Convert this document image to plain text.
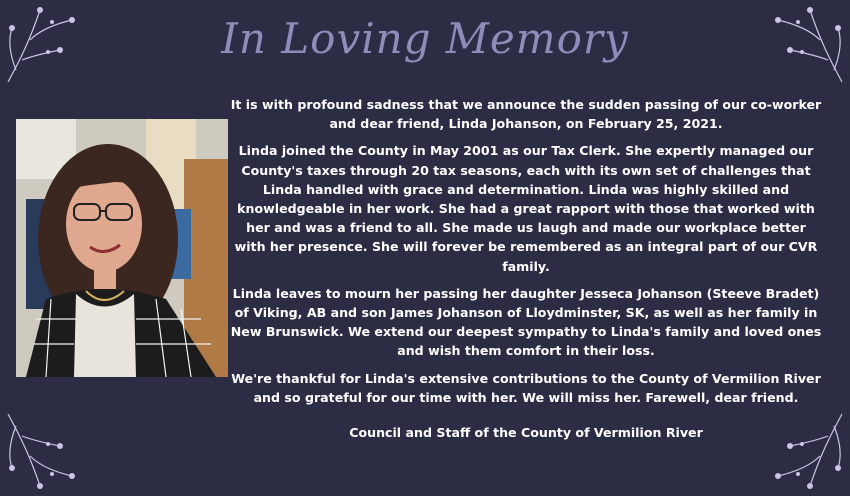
In Loving Memory

It is with profound sadness that we announce the sudden passing of our co-worker and dear friend, Linda Johanson, on February 25, 2021.

Linda joined the County in May 2001 as our Tax Clerk. She expertly managed our County's taxes through 20 tax seasons, each with its own set of challenges that Linda handled with grace and determination. Linda was highly skilled and knowledgeable in her work. She had a great rapport with those that worked with her and was a friend to all. She made us laugh and made our workplace better with her presence. She will forever be remembered as an integral part of our CVR family.

Linda leaves to mourn her passing her daughter Jesseca Johanson (Steeve Bradet) of Viking, AB and son James Johanson of Lloydminster, SK, as well as her family in New Brunswick. We extend our deepest sympathy to Linda's family and loved ones and wish them comfort in their loss.

We're thankful for Linda's extensive contributions to the County of Vermilion River and so grateful for our time with her. We will miss her. Farewell, dear friend.

Council and Staff of the County of Vermilion River
